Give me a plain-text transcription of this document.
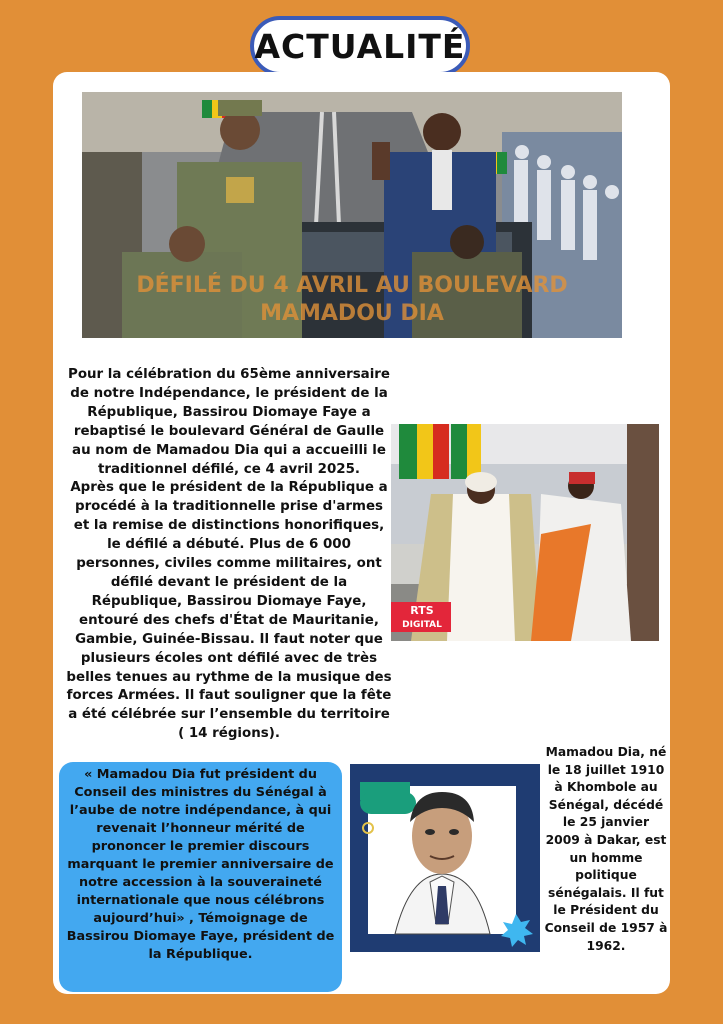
ACTUALITÉ
DÉFILÉ DU 4 AVRIL AU BOULEVARD MAMADOU DIA

Pour la célébration du 65ème anniversaire de notre Indépendance, le président de la République, Bassirou Diomaye Faye a rebaptisé le boulevard Général de Gaulle au nom de Mamadou Dia qui a accueilli le traditionnel défilé, ce 4 avril 2025.

Après que le président de la République a procédé à la traditionnelle prise d'armes et la remise de distinctions honorifiques, le défilé a débuté. Plus de 6 000 personnes, civiles comme militaires, ont défilé devant le président de la République, Bassirou Diomaye Faye, entouré des chefs d'État de Mauritanie, Gambie, Guinée-Bissau. Il faut noter que plusieurs écoles ont défilé avec de très belles tenues au rythme de la musique des forces Armées. Il faut souligner que la fête a été célébrée sur l’ensemble du territoire ( 14 régions).

RTS
DIGITAL

« Mamadou Dia fut président du Conseil des ministres du Sénégal à l’aube de notre indépendance, à qui revenait l’honneur mérité de prononcer le premier discours marquant le premier anniversaire de notre accession à la souveraineté internationale que nous célébrons aujourd’hui» , Témoignage de Bassirou Diomaye Faye, président de la République.

Mamadou Dia, né le 18 juillet 1910 à Khombole au Sénégal, décédé le 25 janvier 2009 à Dakar, est un homme politique sénégalais. Il fut le Président du Conseil de 1957 à 1962.
